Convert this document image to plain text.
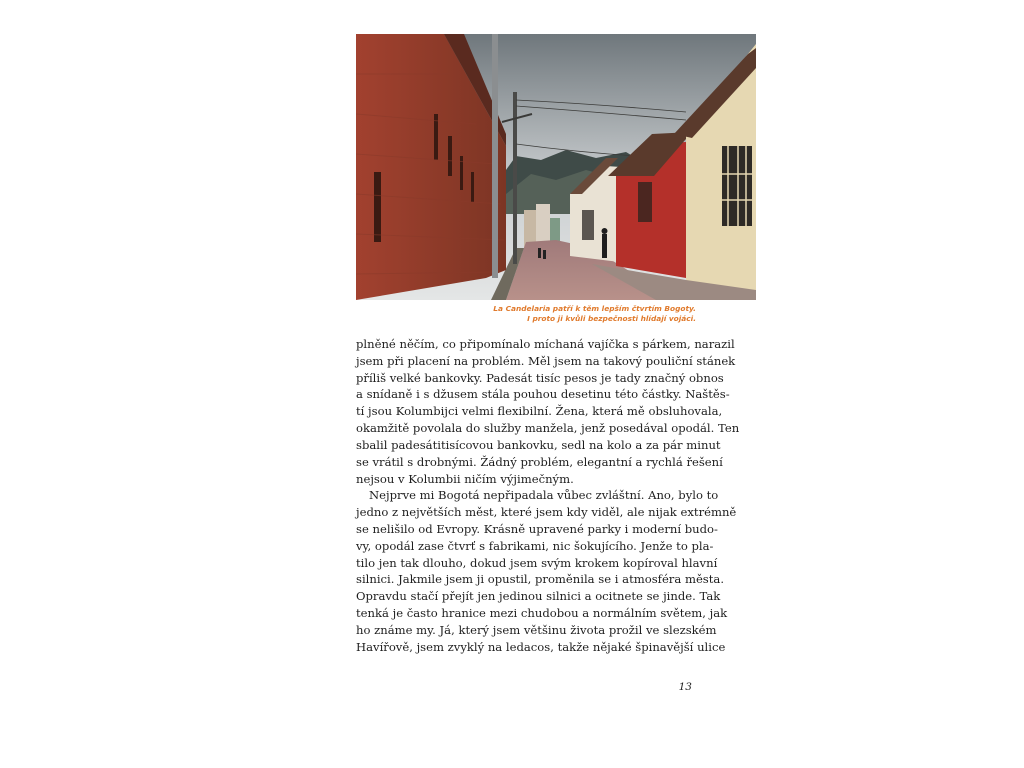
La Candelaria patří k těm lepším čtvrtím Bogoty.
I proto ji kvůli bezpečnosti hlídají vojáci.
plněné něčím, co připomínalo míchaná vajíčka s párkem, narazil
jsem při placení na problém. Měl jsem na takový pouliční stánek
příliš velké bankovky. Padesát tisíc pesos je tady značný obnos
a snídaně i s džusem stála pouhou desetinu této částky. Naštěs-
tí jsou Kolumbijci velmi flexibilní. Žena, která mě obsluhovala,
okamžitě povolala do služby manžela, jenž posedával opodál. Ten
sbalil padesátitisícovou bankovku, sedl na kolo a za pár minut
se vrátil s drobnými. Žádný problém, elegantní a rychlá řešení
nejsou v Kolumbii ničím výjimečným.
Nejprve mi Bogotá nepřipadala vůbec zvláštní. Ano, bylo to
jedno z největších měst, které jsem kdy viděl, ale nijak extrémně
se nelišilo od Evropy. Krásně upravené parky i moderní budo-
vy, opodál zase čtvrť s fabrikami, nic šokujícího. Jenže to pla-
tilo jen tak dlouho, dokud jsem svým krokem kopíroval hlavní
silnici. Jakmile jsem ji opustil, proměnila se i atmosféra města.
Opravdu stačí přejít jen jedinou silnici a ocitnete se jinde. Tak
tenká je často hranice mezi chudobou a normálním světem, jak
ho známe my. Já, který jsem většinu života prožil ve slezském
Havířově, jsem zvyklý na ledacos, takže nějaké špinavější ulice
13
